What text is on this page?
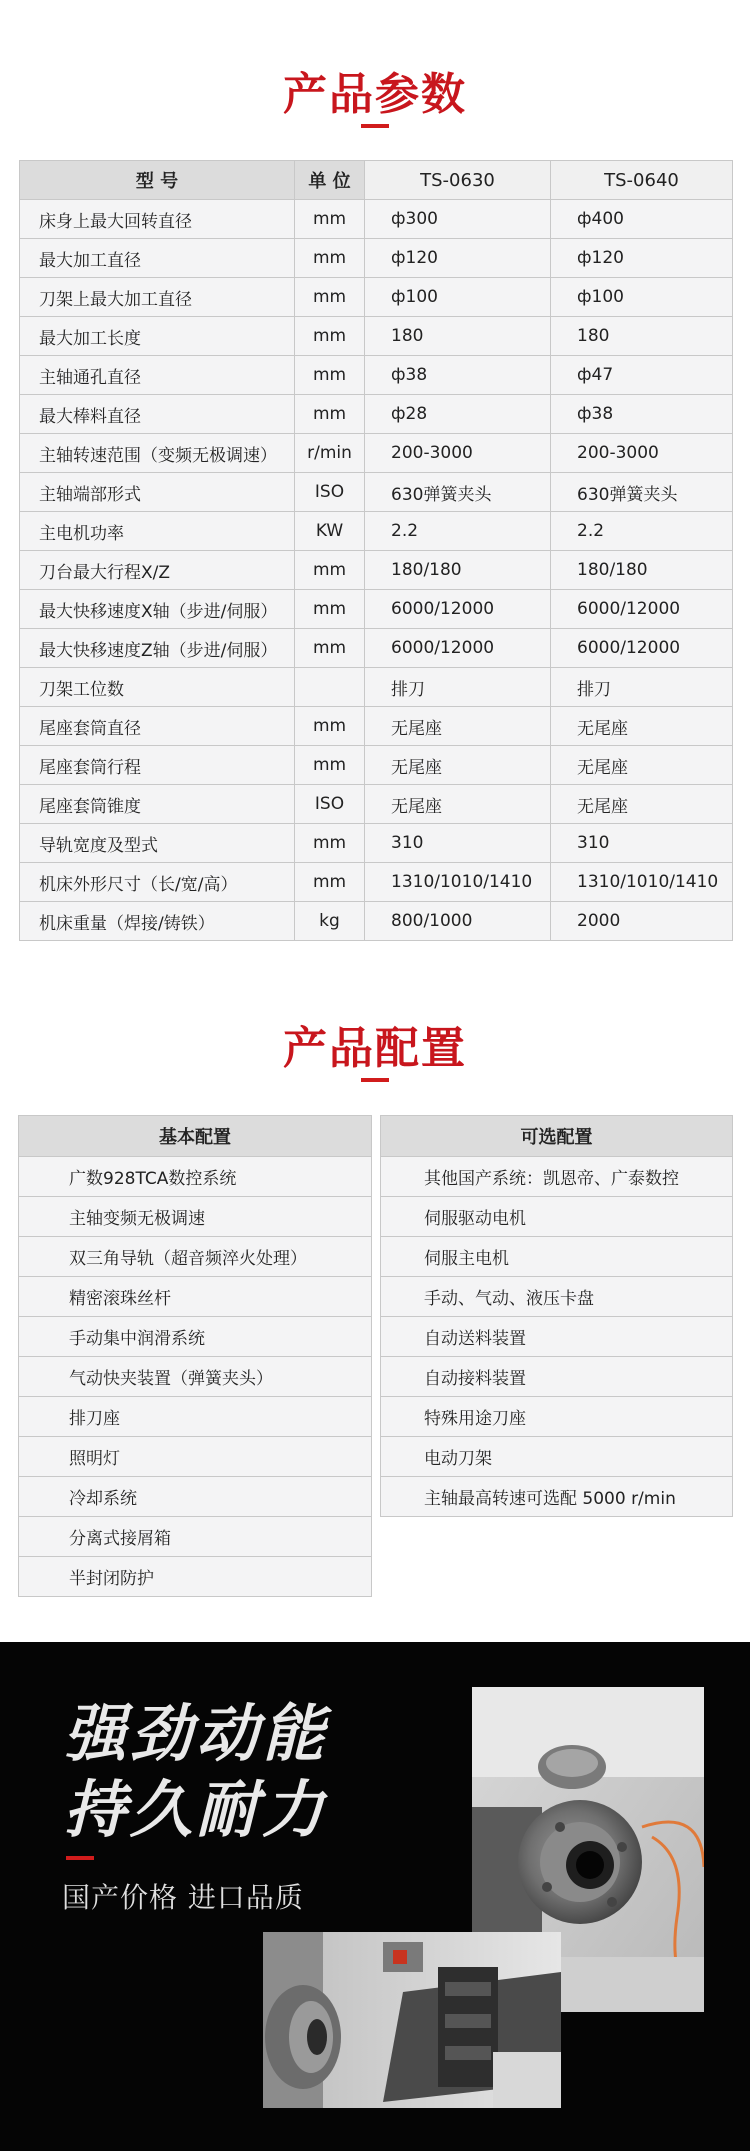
产品参数
型 号	单 位	TS-0630	TS-0640
床身上最大回转直径	mm	ф300	ф400
最大加工直径	mm	ф120	ф120
刀架上最大加工直径	mm	ф100	ф100
最大加工长度	mm	180	180
主轴通孔直径	mm	ф38	ф47
最大棒料直径	mm	ф28	ф38
主轴转速范围（变频无极调速）	r/min	200-3000	200-3000
主轴端部形式	ISO	630弹簧夹头	630弹簧夹头
主电机功率	KW	2.2	2.2
刀台最大行程X/Z	mm	180/180	180/180
最大快移速度X轴（步进/伺服）	mm	6000/12000	6000/12000
最大快移速度Z轴（步进/伺服）	mm	6000/12000	6000/12000
刀架工位数		排刀	排刀
尾座套筒直径	mm	无尾座	无尾座
尾座套筒行程	mm	无尾座	无尾座
尾座套筒锥度	ISO	无尾座	无尾座
导轨宽度及型式	mm	310	310
机床外形尺寸（长/宽/高）	mm	1310/1010/1410	1310/1010/1410
机床重量（焊接/铸铁）	kg	800/1000	2000
产品配置
基本配置
广数928TCA数控系统
主轴变频无极调速
双三角导轨（超音频淬火处理）
精密滚珠丝杆
手动集中润滑系统
气动快夹装置（弹簧夹头）
排刀座
照明灯
冷却系统
分离式接屑箱
半封闭防护
可选配置
其他国产系统：凯恩帝、广泰数控
伺服驱动电机
伺服主电机
手动、气动、液压卡盘
自动送料装置
自动接料装置
特殊用途刀座
电动刀架
主轴最高转速可选配 5000 r/min
强劲动能
持久耐力
国产价格 进口品质
